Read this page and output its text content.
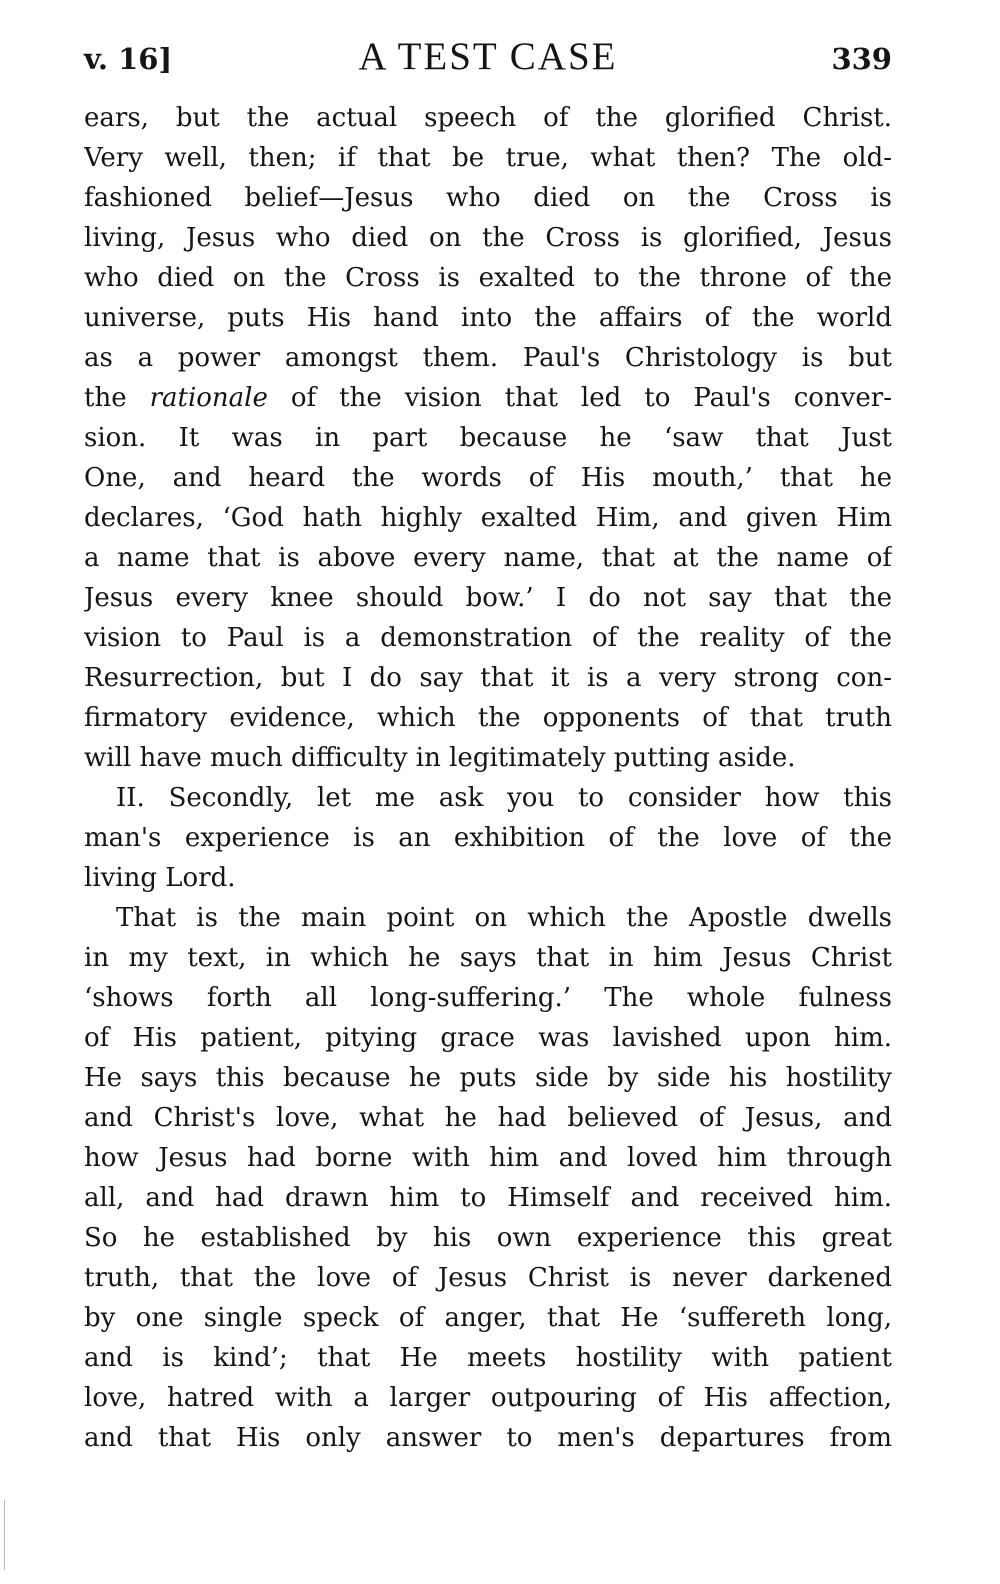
v. 16]	A TEST CASE	339
ears, but the actual speech of the glorified Christ.
Very well, then; if that be true, what then? The old-
fashioned belief—Jesus who died on the Cross is
living, Jesus who died on the Cross is glorified, Jesus
who died on the Cross is exalted to the throne of the
universe, puts His hand into the affairs of the world
as a power amongst them. Paul's Christology is but
the rationale of the vision that led to Paul's conver-
sion. It was in part because he ‘saw that Just
One, and heard the words of His mouth,’ that he
declares, ‘God hath highly exalted Him, and given Him
a name that is above every name, that at the name of
Jesus every knee should bow.’ I do not say that the
vision to Paul is a demonstration of the reality of the
Resurrection, but I do say that it is a very strong con-
firmatory evidence, which the opponents of that truth
will have much difficulty in legitimately putting aside.
II. Secondly, let me ask you to consider how this
man's experience is an exhibition of the love of the
living Lord.
That is the main point on which the Apostle dwells
in my text, in which he says that in him Jesus Christ
‘shows forth all long-suffering.’ The whole fulness
of His patient, pitying grace was lavished upon him.
He says this because he puts side by side his hostility
and Christ's love, what he had believed of Jesus, and
how Jesus had borne with him and loved him through
all, and had drawn him to Himself and received him.
So he established by his own experience this great
truth, that the love of Jesus Christ is never darkened
by one single speck of anger, that He ‘suffereth long,
and is kind’; that He meets hostility with patient
love, hatred with a larger outpouring of His affection,
and that His only answer to men's departures from
